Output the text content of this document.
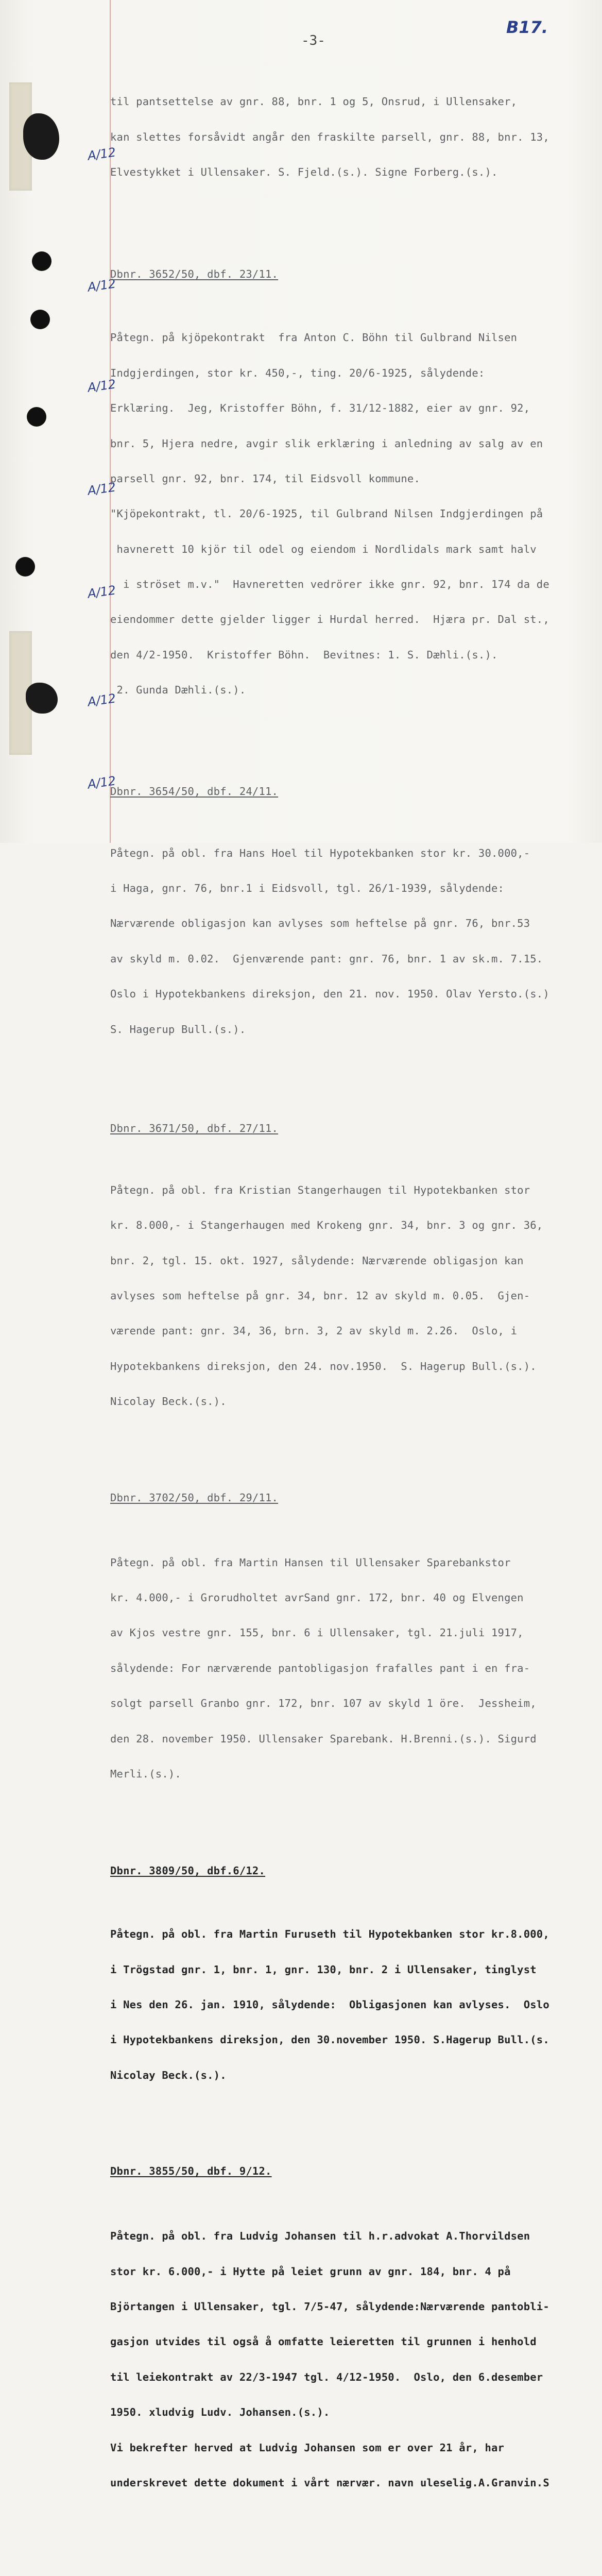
-3-
B17.
A/12
A/12
A/12
A/12
A/12
A/12
A/12

til pantsettelse av gnr. 88, bnr. 1 og 5, Onsrud, i Ullensaker,

kan slettes forsåvidt angår den fraskilte parsell, gnr. 88, bnr. 13,

Elvestykket i Ullensaker. S. Fjeld.(s.). Signe Forberg.(s.).

Dbnr. 3652/50, dbf. 23/11.

Påtegn. på kjöpekontrakt  fra Anton C. Böhn til Gulbrand Nilsen

Indgjerdingen, stor kr. 450,-, ting. 20/6-1925, sålydende:

Erklæring.  Jeg, Kristoffer Böhn, f. 31/12-1882, eier av gnr. 92,

bnr. 5, Hjera nedre, avgir slik erklæring i anledning av salg av en

parsell gnr. 92, bnr. 174, til Eidsvoll kommune.

"Kjöpekontrakt, tl. 20/6-1925, til Gulbrand Nilsen Indgjerdingen på

havnerett 10 kjör til odel og eiendom i Nordlidals mark samt halv

i ströset m.v."  Havneretten vedrörer ikke gnr. 92, bnr. 174 da de

eiendommer dette gjelder ligger i Hurdal herred.  Hjæra pr. Dal st.,

den 4/2-1950.  Kristoffer Böhn.  Bevitnes: 1. S. Dæhli.(s.).

2. Gunda Dæhli.(s.).

Dbnr. 3654/50, dbf. 24/11.

Påtegn. på obl. fra Hans Hoel til Hypotekbanken stor kr. 30.000,-

i Haga, gnr. 76, bnr.1 i Eidsvoll, tgl. 26/1-1939, sålydende:

Nærværende obligasjon kan avlyses som heftelse på gnr. 76, bnr.53

av skyld m. 0.02.  Gjenværende pant: gnr. 76, bnr. 1 av sk.m. 7.15.

Oslo i Hypotekbankens direksjon, den 21. nov. 1950. Olav Yersto.(s.)

S. Hagerup Bull.(s.).

Dbnr. 3671/50, dbf. 27/11.

Påtegn. på obl. fra Kristian Stangerhaugen til Hypotekbanken stor

kr. 8.000,- i Stangerhaugen med Krokeng gnr. 34, bnr. 3 og gnr. 36,

bnr. 2, tgl. 15. okt. 1927, sålydende: Nærværende obligasjon kan

avlyses som heftelse på gnr. 34, bnr. 12 av skyld m. 0.05.  Gjen-

værende pant: gnr. 34, 36, brn. 3, 2 av skyld m. 2.26.  Oslo, i

Hypotekbankens direksjon, den 24. nov.1950.  S. Hagerup Bull.(s.).

Nicolay Beck.(s.).

Dbnr. 3702/50, dbf. 29/11.

Påtegn. på obl. fra Martin Hansen til Ullensaker Sparebankstor

kr. 4.000,- i Grorudholtet avrSand gnr. 172, bnr. 40 og Elvengen

av Kjos vestre gnr. 155, bnr. 6 i Ullensaker, tgl. 21.juli 1917,

sålydende: For nærværende pantobligasjon frafalles pant i en fra-

solgt parsell Granbo gnr. 172, bnr. 107 av skyld 1 öre.  Jessheim,

den 28. november 1950. Ullensaker Sparebank. H.Brenni.(s.). Sigurd

Merli.(s.).

Dbnr. 3809/50, dbf.6/12.

Påtegn. på obl. fra Martin Furuseth til Hypotekbanken stor kr.8.000,

i Trögstad gnr. 1, bnr. 1, gnr. 130, bnr. 2 i Ullensaker, tinglyst

i Nes den 26. jan. 1910, sålydende:  Obligasjonen kan avlyses.  Oslo

i Hypotekbankens direksjon, den 30.november 1950. S.Hagerup Bull.(s.

Nicolay Beck.(s.).

Dbnr. 3855/50, dbf. 9/12.

Påtegn. på obl. fra Ludvig Johansen til h.r.advokat A.Thorvildsen

stor kr. 6.000,- i Hytte på leiet grunn av gnr. 184, bnr. 4 på

Björtangen i Ullensaker, tgl. 7/5-47, sålydende:Nærværende pantobli-

gasjon utvides til også å omfatte leieretten til grunnen i henhold

til leiekontrakt av 22/3-1947 tgl. 4/12-1950.  Oslo, den 6.desember

1950. xludvig Ludv. Johansen.(s.).

Vi bekrefter herved at Ludvig Johansen som er over 21 år, har

underskrevet dette dokument i vårt nærvær. navn uleselig.A.Granvin.S
